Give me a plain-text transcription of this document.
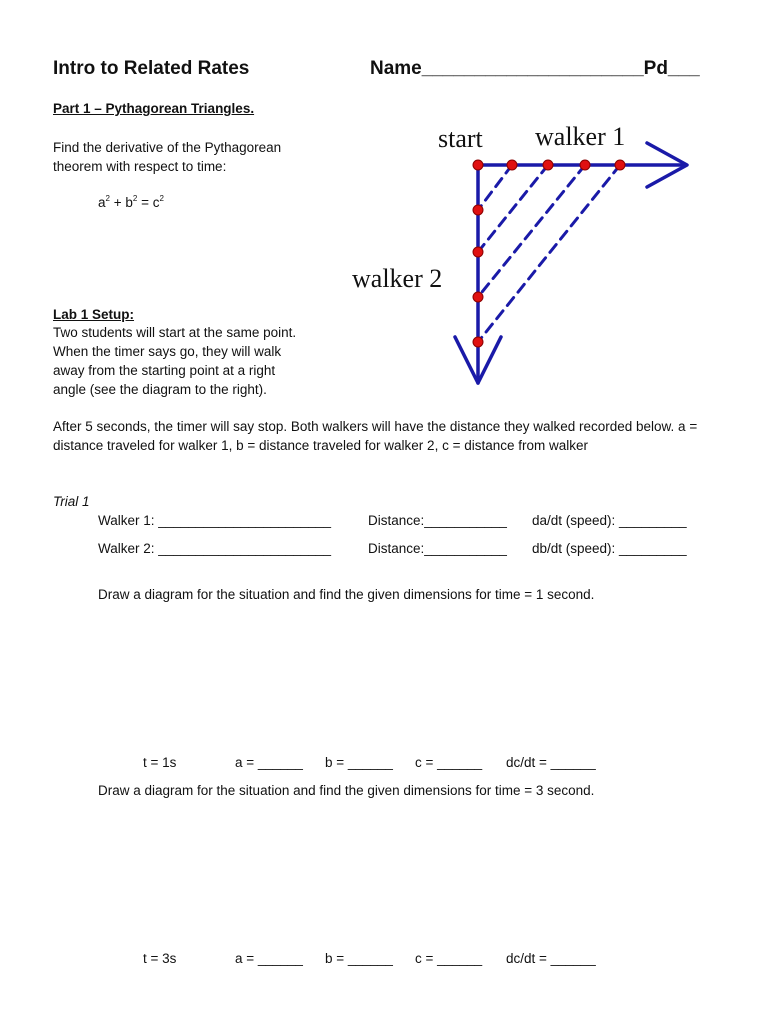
Intro to Related Rates	Name_____________________Pd___
Part 1 – Pythagorean Triangles.
Find the derivative of the Pythagorean
theorem with respect to time:
$a^2 + b^2 = c^2$
Lab 1 Setup:
Two students will start at the same point.
When the timer says go, they will walk
away from the starting point at a right
angle (see the diagram to the right).
After 5 seconds, the timer will say stop. Both walkers will have the distance they walked recorded below. a = distance traveled for walker 1, b = distance traveled for walker 2, c = distance from walker
start walker 1
walker 2
Trial 1
Walker 1: _______________________	Distance:___________ da/dt (speed): _________
Walker 2: _______________________	Distance:___________ db/dt (speed): _________
Draw a diagram for the situation and find the given dimensions for time = 1 second.
t = 1s	a = ______ b = ______ c = ______ dc/dt = ______
Draw a diagram for the situation and find the given dimensions for time = 3 second.
t = 3s	a = ______ b = ______ c = ______ dc/dt = ______
